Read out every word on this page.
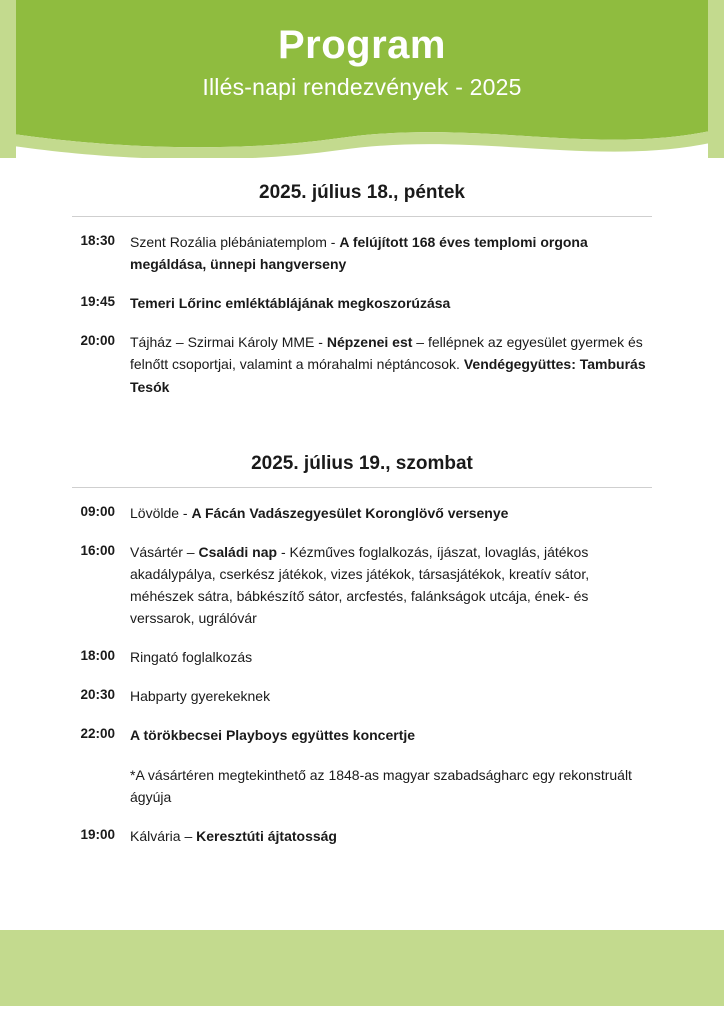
Program
Illés-napi rendezvények - 2025
2025. július 18., péntek
18:30	Szent Rozália plébániatemplom - A felújított 168 éves templomi orgona megáldása, ünnepi hangverseny
19:45	Temeri Lőrinc emléktáblájának megkoszorúzása
20:00	Tájház – Szirmai Károly MME - Népzenei est – fellépnek az egyesület gyermek és felnőtt csoportjai, valamint a mórahalmi néptáncosok. Vendégegyüttes: Tamburás Tesók
2025. július 19., szombat
09:00	Lövölde - A Fácán Vadászegyesület Koronglövő versenye
16:00	Vásártér – Családi nap - Kézműves foglalkozás, íjászat, lovaglás, játékos akadálypálya, cserkész játékok, vizes játékok, társasjátékok, kreatív sátor, méhészek sátra, bábkészítő sátor, arcfestés, falánkságok utcája, ének- és verssarok, ugrálóvár
18:00	Ringató foglalkozás
20:30	Habparty gyerekeknek
22:00	A törökbecsei Playboys együttes koncertje
*A vásártéren megtekinthető az 1848-as magyar szabadságharc egy rekonstruált ágyúja
19:00	Kálvária – Keresztúti ájtatosság
